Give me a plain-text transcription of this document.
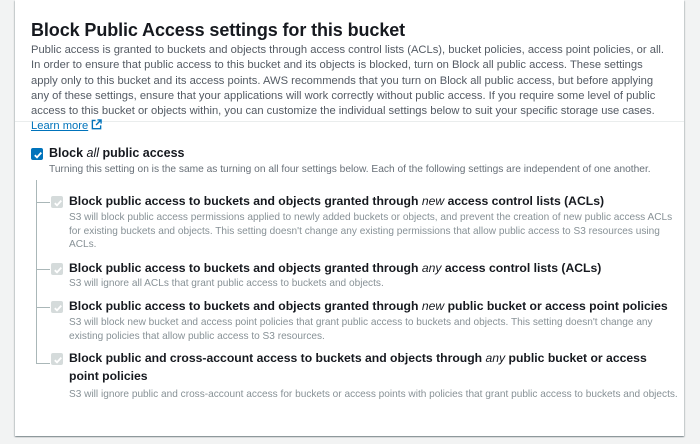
Block Public Access settings for this bucket

Public access is granted to buckets and objects through access control lists (ACLs), bucket policies, access point policies, or all. In order to ensure that public access to this bucket and its objects is blocked, turn on Block all public access. These settings apply only to this bucket and its access points. AWS recommends that you turn on Block all public access, but before applying any of these settings, ensure that your applications will work correctly without public access. If you require some level of public access to this bucket or objects within, you can customize the individual settings below to suit your specific storage use cases. Learn more

Block all public access

Turning this setting on is the same as turning on all four settings below. Each of the following settings are independent of one another.

Block public access to buckets and objects granted through new access control lists (ACLs)

S3 will block public access permissions applied to newly added buckets or objects, and prevent the creation of new public access ACLs for existing buckets and objects. This setting doesn't change any existing permissions that allow public access to S3 resources using ACLs.

Block public access to buckets and objects granted through any access control lists (ACLs)

S3 will ignore all ACLs that grant public access to buckets and objects.

Block public access to buckets and objects granted through new public bucket or access point policies

S3 will block new bucket and access point policies that grant public access to buckets and objects. This setting doesn't change any existing policies that allow public access to S3 resources.

Block public and cross-account access to buckets and objects through any public bucket or access point policies

S3 will ignore public and cross-account access for buckets or access points with policies that grant public access to buckets and objects.
